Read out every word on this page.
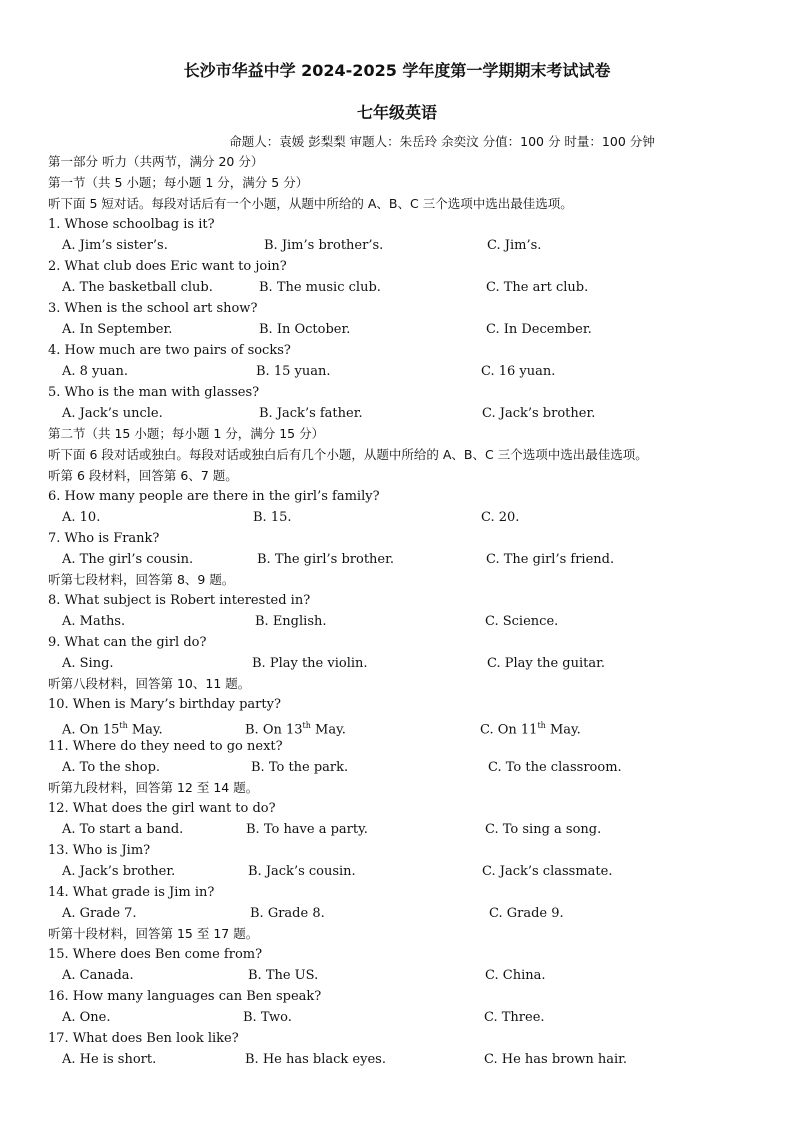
长沙市华益中学 2024-2025 学年度第一学期期末考试试卷
七年级英语
命题人：袁媛 彭梨梨 审题人：朱岳玲 余奕汶 分值：100 分 时量：100 分钟
第一部分 听力（共两节，满分 20 分）
第一节（共 5 小题；每小题 1 分，满分 5 分）
听下面 5 短对话。每段对话后有一个小题，从题中所给的 A、B、C 三个选项中选出最佳选项。
1. Whose schoolbag is it?
A. Jim’s sister’s.	B. Jim’s brother’s.	C. Jim’s.
2. What club does Eric want to join?
A. The basketball club.	B. The music club.	C. The art club.
3. When is the school art show?
A. In September.	B. In October.	C. In December.
4. How much are two pairs of socks?
A. 8 yuan.	B. 15 yuan.	C. 16 yuan.
5. Who is the man with glasses?
A. Jack’s uncle.	B. Jack’s father.	C. Jack’s brother.
第二节（共 15 小题；每小题 1 分，满分 15 分）
听下面 6 段对话或独白。每段对话或独白后有几个小题，从题中所给的 A、B、C 三个选项中选出最佳选项。
听第 6 段材料，回答第 6、7 题。
6. How many people are there in the girl’s family?
A. 10.	B. 15.	C. 20.
7. Who is Frank?
A. The girl’s cousin.	B. The girl’s brother.	C. The girl’s friend.
听第七段材料，回答第 8、9 题。
8. What subject is Robert interested in?
A. Maths.	B. English.	C. Science.
9. What can the girl do?
A. Sing.	B. Play the violin.	C. Play the guitar.
听第八段材料，回答第 10、11 题。
10. When is Mary’s birthday party?
A. On 15th May.	B. On 13th May.	C. On 11th May.
11. Where do they need to go next?
A. To the shop.	B. To the park.	C. To the classroom.
听第九段材料，回答第 12 至 14 题。
12. What does the girl want to do?
A. To start a band.	B. To have a party.	C. To sing a song.
13. Who is Jim?
A. Jack’s brother.	B. Jack’s cousin.	C. Jack’s classmate.
14. What grade is Jim in?
A. Grade 7.	B. Grade 8.	C. Grade 9.
听第十段材料，回答第 15 至 17 题。
15. Where does Ben come from?
A. Canada.	B. The US.	C. China.
16. How many languages can Ben speak?
A. One.	B. Two.	C. Three.
17. What does Ben look like?
A. He is short.	B. He has black eyes.	C. He has brown hair.
